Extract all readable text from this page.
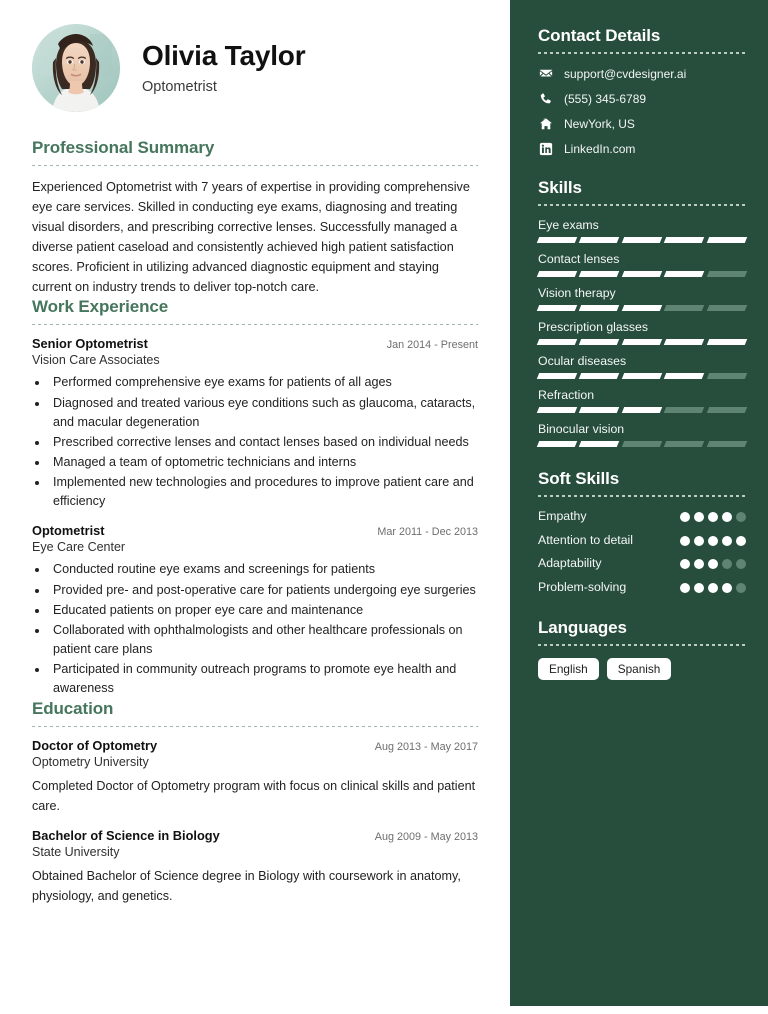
Olivia Taylor
Optometrist
Professional Summary
Experienced Optometrist with 7 years of expertise in providing comprehensive eye care services. Skilled in conducting eye exams, diagnosing and treating visual disorders, and prescribing corrective lenses. Successfully managed a diverse patient caseload and consistently achieved high patient satisfaction scores. Proficient in utilizing advanced diagnostic equipment and staying current on industry trends to deliver top-notch care.
Work Experience
Senior Optometrist	Jan 2014 - Present
Vision Care Associates
• Performed comprehensive eye exams for patients of all ages
• Diagnosed and treated various eye conditions such as glaucoma, cataracts, and macular degeneration
• Prescribed corrective lenses and contact lenses based on individual needs
• Managed a team of optometric technicians and interns
• Implemented new technologies and procedures to improve patient care and efficiency
Optometrist	Mar 2011 - Dec 2013
Eye Care Center
• Conducted routine eye exams and screenings for patients
• Provided pre- and post-operative care for patients undergoing eye surgeries
• Educated patients on proper eye care and maintenance
• Collaborated with ophthalmologists and other healthcare professionals on patient care plans
• Participated in community outreach programs to promote eye health and awareness
Education
Doctor of Optometry	Aug 2013 - May 2017
Optometry University
Completed Doctor of Optometry program with focus on clinical skills and patient care.
Bachelor of Science in Biology	Aug 2009 - May 2013
State University
Obtained Bachelor of Science degree in Biology with coursework in anatomy, physiology, and genetics.
Contact Details
support@cvdesigner.ai
(555) 345-6789
NewYork, US
LinkedIn.com
Skills
Eye exams
Contact lenses
Vision therapy
Prescription glasses
Ocular diseases
Refraction
Binocular vision
Soft Skills
Empathy
Attention to detail
Adaptability
Problem-solving
Languages
English	Spanish
